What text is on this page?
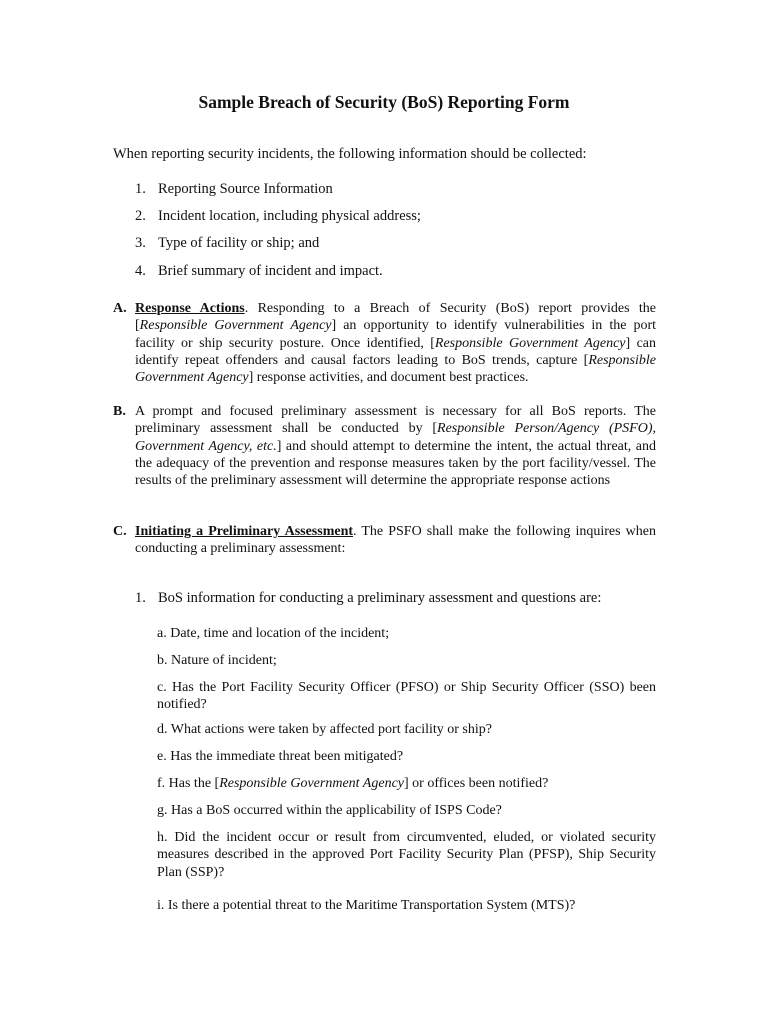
Sample Breach of Security (BoS) Reporting Form

When reporting security incidents, the following information should be collected:

1. Reporting Source Information
2. Incident location, including physical address;
3. Type of facility or ship; and
4. Brief summary of incident and impact.
A. Response Actions. Responding to a Breach of Security (BoS) report provides the [Responsible Government Agency] an opportunity to identify vulnerabilities in the port facility or ship security posture. Once identified, [Responsible Government Agency] can identify repeat offenders and causal factors leading to BoS trends, capture [Responsible Government Agency] response activities, and document best practices.
B. A prompt and focused preliminary assessment is necessary for all BoS reports. The preliminary assessment shall be conducted by [Responsible Person/Agency (PSFO), Government Agency, etc.] and should attempt to determine the intent, the actual threat, and the adequacy of the prevention and response measures taken by the port facility/vessel. The results of the preliminary assessment will determine the appropriate response actions
C. Initiating a Preliminary Assessment. The PSFO shall make the following inquires when conducting a preliminary assessment:
1. BoS information for conducting a preliminary assessment and questions are:

a. Date, time and location of the incident;

b. Nature of incident;

c. Has the Port Facility Security Officer (PFSO) or Ship Security Officer (SSO) been notified?

d. What actions were taken by affected port facility or ship?

e. Has the immediate threat been mitigated?

f. Has the [Responsible Government Agency] or offices been notified?

g. Has a BoS occurred within the applicability of ISPS Code?

h. Did the incident occur or result from circumvented, eluded, or violated security measures described in the approved Port Facility Security Plan (PFSP), Ship Security Plan (SSP)?

i. Is there a potential threat to the Maritime Transportation System (MTS)?
